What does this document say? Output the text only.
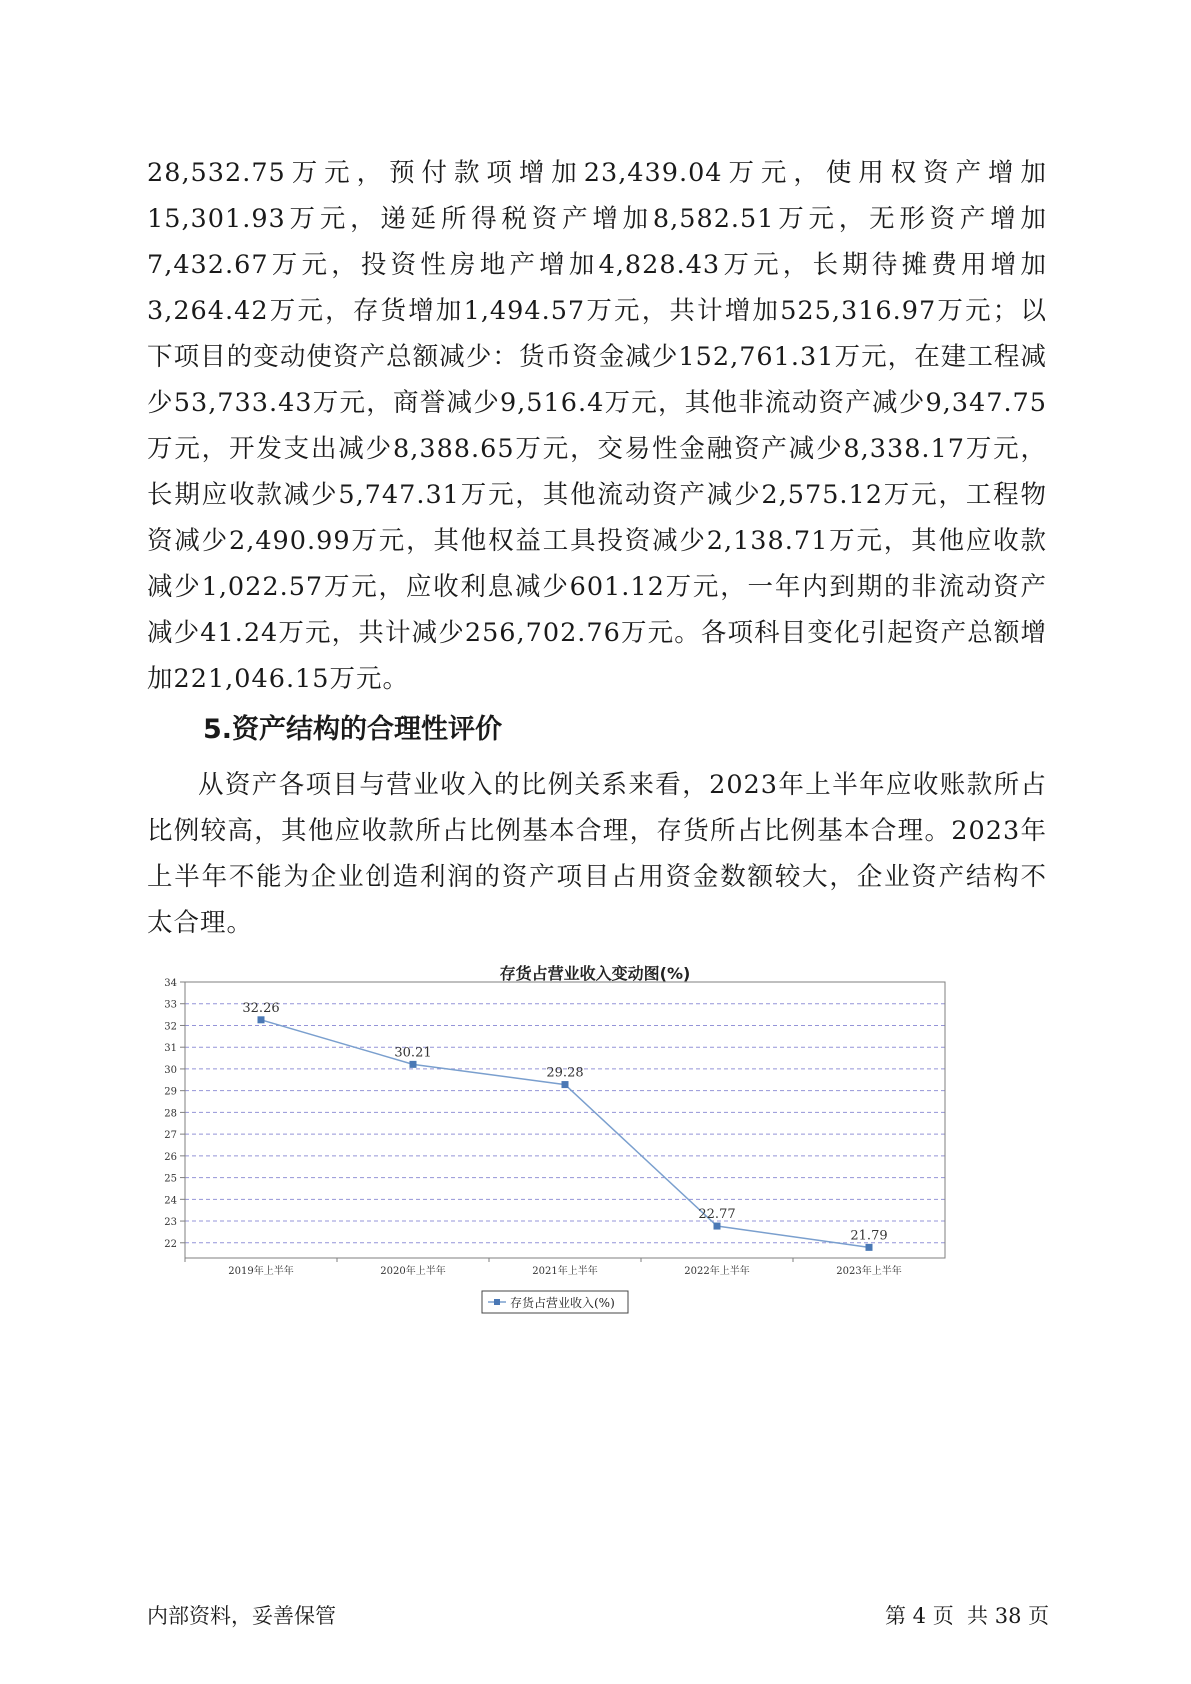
28,532.75万元，预付款项增加23,439.04万元，使用权资产增加15,301.93万元，递延所得税资产增加8,582.51万元，无形资产增加7,432.67万元，投资性房地产增加4,828.43万元，长期待摊费用增加3,264.42万元，存货增加1,494.57万元，共计增加525,316.97万元；以下项目的变动使资产总额减少：货币资金减少152,761.31万元，在建工程减少53,733.43万元，商誉减少9,516.4万元，其他非流动资产减少9,347.75万元，开发支出减少8,388.65万元，交易性金融资产减少8,338.17万元，长期应收款减少5,747.31万元，其他流动资产减少2,575.12万元，工程物资减少2,490.99万元，其他权益工具投资减少2,138.71万元，其他应收款减少1,022.57万元，应收利息减少601.12万元，一年内到期的非流动资产减少41.24万元，共计减少256,702.76万元。各项科目变化引起资产总额增加221,046.15万元。

5.资产结构的合理性评价

从资产各项目与营业收入的比例关系来看，2023年上半年应收账款所占比例较高，其他应收款所占比例基本合理，存货所占比例基本合理。2023年上半年不能为企业创造利润的资产项目占用资金数额较大，企业资产结构不太合理。

存货占营业收入变动图(%)
34
33
32
31
30
29
28
27
26
25
24
23
22
2019年上半年	2020年上半年	2021年上半年	2022年上半年	2023年上半年
32.26
30.21
29.28
22.77
21.79
存货占营业收入(%)
内部资料，妥善保管	第 4 页  共 38 页
